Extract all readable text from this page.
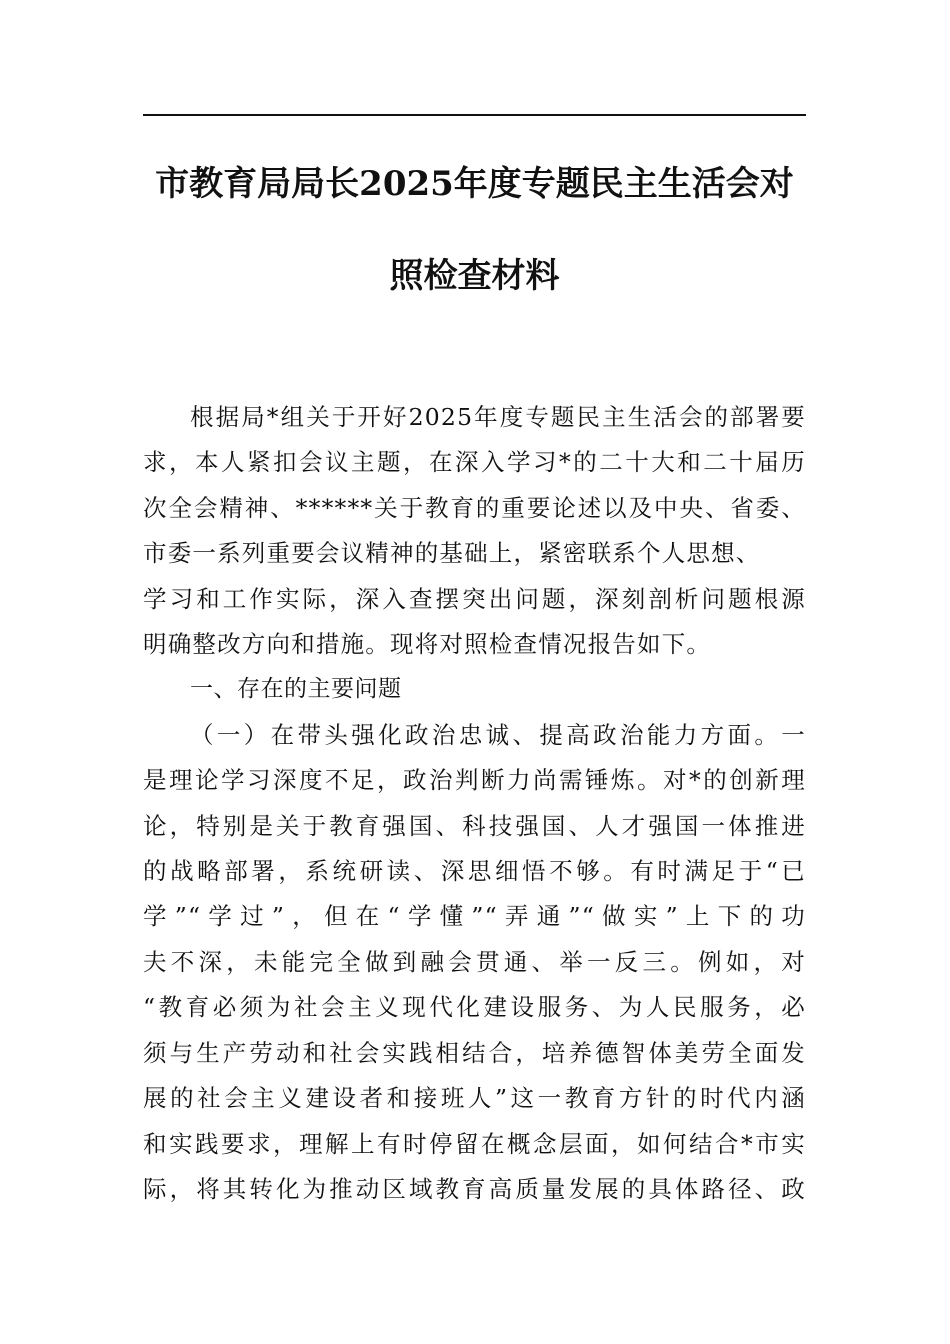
市教育局局长2025年度专题民主生活会对
照检查材料
根据局*组关于开好2025年度专题民主生活会的部署要
求，本人紧扣会议主题，在深入学习*的二十大和二十届历
次全会精神、******关于教育的重要论述以及中央、省委、
市委一系列重要会议精神的基础上，紧密联系个人思想、
学习和工作实际，深入查摆突出问题，深刻剖析问题根源
明确整改方向和措施。现将对照检查情况报告如下。
一、存在的主要问题
（一）在带头强化政治忠诚、提高政治能力方面。一
是理论学习深度不足，政治判断力尚需锤炼。对*的创新理
论，特别是关于教育强国、科技强国、人才强国一体推进
的战略部署，系统研读、深思细悟不够。有时满足于“已
学”“学过”，但在“学懂”“弄通”“做实”上下的功
夫不深，未能完全做到融会贯通、举一反三。例如，对
“教育必须为社会主义现代化建设服务、为人民服务，必
须与生产劳动和社会实践相结合，培养德智体美劳全面发
展的社会主义建设者和接班人”这一教育方针的时代内涵
和实践要求，理解上有时停留在概念层面，如何结合*市实
际，将其转化为推动区域教育高质量发展的具体路径、政
